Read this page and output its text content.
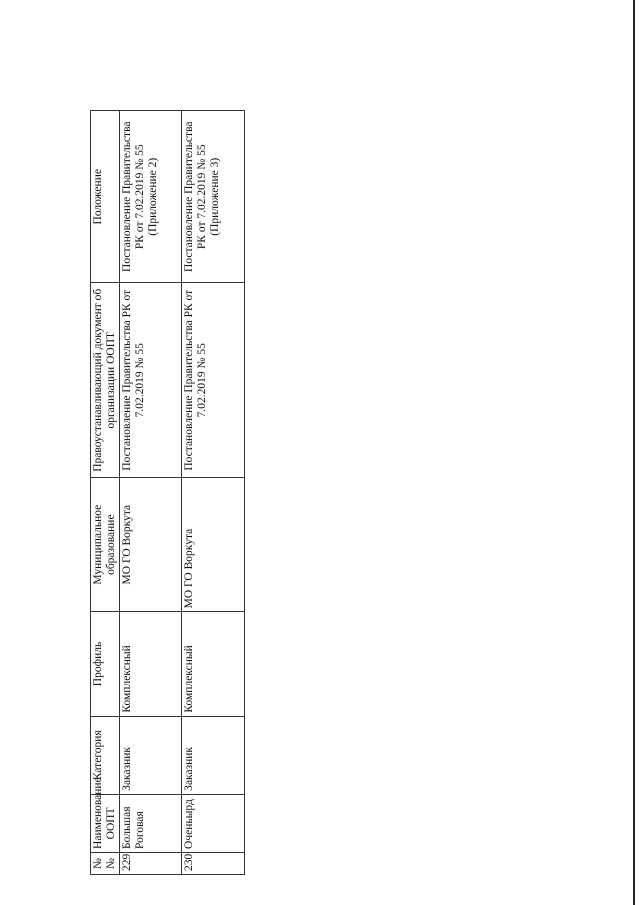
№ №	Наименование ООПТ	Категория	Профиль	Муниципальное образование	Правоустанавливающий документ об организации ООПТ	Положение
229	Большая Роговая	Заказник	Комплексный	МО ГО Воркута	Постановление Правительства РК от 7.02.2019 № 55	Постановление Правительства РК от 7.02.2019 № 55 (Приложение 2)
230	Оченьырд	Заказник	Комплексный	МО ГО Воркута	Постановление Правительства РК от 7.02.2019 № 55	Постановление Правительства РК от 7.02.2019 № 55 (Приложение 3)
